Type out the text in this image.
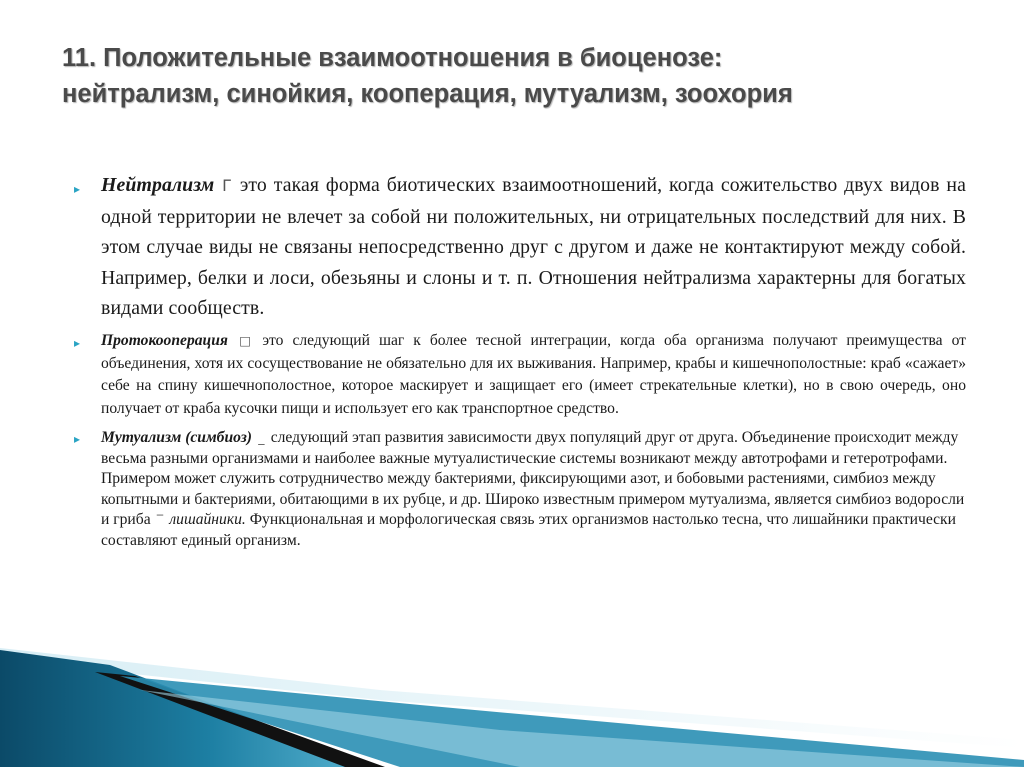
11. Положительные взаимоотношения в биоценозе:
нейтрализм, синойкия, кооперация, мутуализм, зоохория
▸ Нейтрализм Г это такая форма биотических взаимоотношений, когда сожительство двух видов на одной территории не влечет за собой ни положительных, ни отрицательных последствий для них. В этом случае виды не связаны непосредственно друг с другом и даже не контактируют между собой. Например, белки и лоси, обезьяны и слоны и т. п. Отношения нейтрализма характерны для богатых видами сообществ.
▸ Протокооперация □ это следующий шаг к более тесной интеграции, когда оба организма получают преимущества от объединения, хотя их сосуществование не обязательно для их выживания. Например, крабы и кишечнополостные: краб «сажает» себе на спину кишечнополостное, которое маскирует и защищает его (имеет стрекательные клетки), но в свою очередь, оно получает от краба кусочки пищи и использует его как транспортное средство.
▸ Мутуализм (симбиоз) _ следующий этап развития зависимости двух популяций друг от друга. Объединение происходит между весьма разными организмами и наиболее важные мутуалистические системы возникают между автотрофами и гетеротрофами. Примером может служить сотрудничество между бактериями, фиксирующими азот, и бобовыми растениями, симбиоз между копытными и бактериями, обитающими в их рубце, и др. Широко известным примером мутуализма, является симбиоз водоросли и гриба ‾ лишайники. Функциональная и морфологическая связь этих организмов настолько тесна, что лишайники практически составляют единый организм.
